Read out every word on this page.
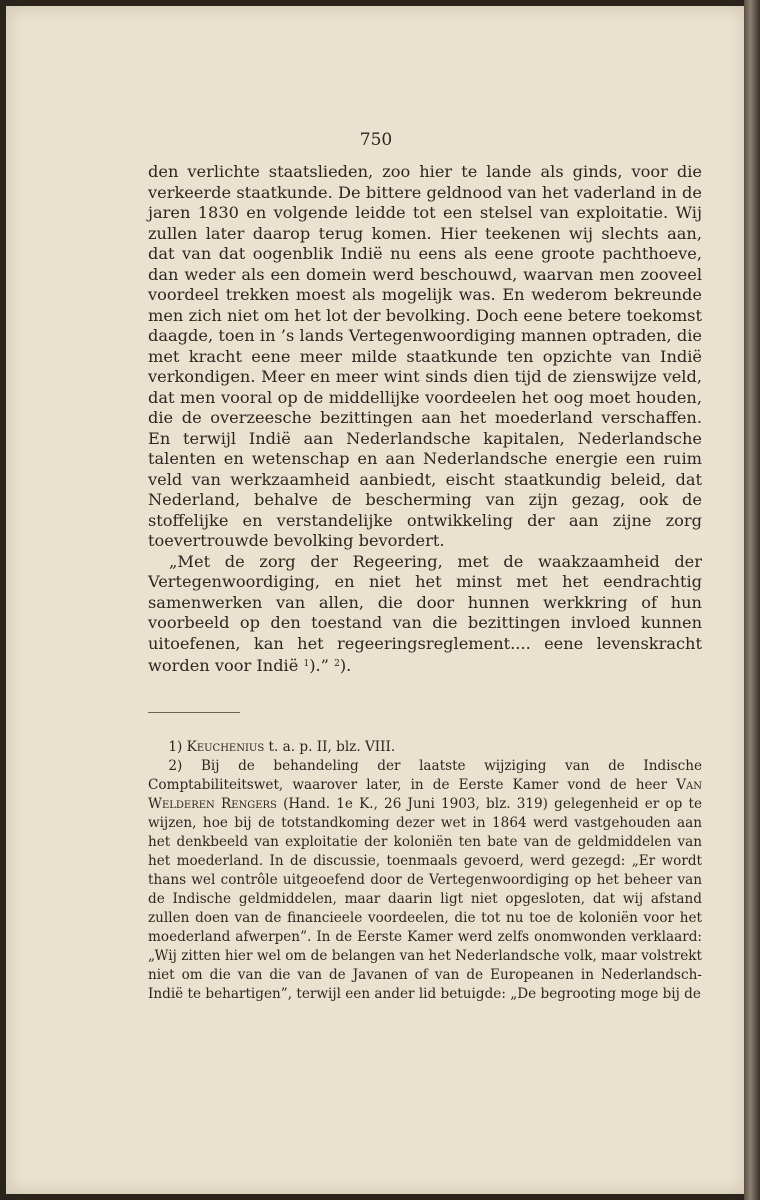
750

den verlichte staatslieden, zoo hier te lande als ginds, voor die verkeerde staatkunde. De bittere geldnood van het vaderland in de jaren 1830 en volgende leidde tot een stelsel van exploitatie. Wij zullen later daarop terug komen. Hier teekenen wij slechts aan, dat van dat oogenblik Indië nu eens als eene groote pachthoeve, dan weder als een domein werd beschouwd, waarvan men zooveel voordeel trekken moest als mogelijk was. En wederom bekreunde men zich niet om het lot der bevolking. Doch eene betere toekomst daagde, toen in ’s lands Vertegenwoordiging mannen optraden, die met kracht eene meer milde staatkunde ten opzichte van Indië verkondigen. Meer en meer wint sinds dien tijd de zienswijze veld, dat men vooral op de middellijke voordeelen het oog moet houden, die de overzeesche bezittingen aan het moederland verschaffen. En terwijl Indië aan Nederlandsche kapitalen, Nederlandsche talenten en wetenschap en aan Nederlandsche energie een ruim veld van werkzaamheid aanbiedt, eischt staatkundig beleid, dat Nederland, behalve de bescherming van zijn gezag, ook de stoffelijke en verstandelijke ontwikkeling der aan zijne zorg toevertrouwde bevolking bevordert.

„Met de zorg der Regeering, met de waakzaamheid der Vertegenwoordiging, en niet het minst met het eendrachtig samenwerken van allen, die door hunnen werkkring of hun voorbeeld op den toestand van die bezittingen invloed kunnen uitoefenen, kan het regeeringsreglement.... eene levenskracht worden voor Indië $^1$).” $^2$).

1) Keuchenius t. a. p. II, blz. VIII.

2) Bij de behandeling der laatste wijziging van de Indische Comptabiliteitswet, waarover later, in de Eerste Kamer vond de heer Van Welderen Rengers (Hand. 1e K., 26 Juni 1903, blz. 319) gelegenheid er op te wijzen, hoe bij de totstandkoming dezer wet in 1864 werd vastgehouden aan het denkbeeld van exploitatie der koloniën ten bate van de geldmiddelen van het moederland. In de discussie, toenmaals gevoerd, werd gezegd: „Er wordt thans wel contrôle uitgeoefend door de Vertegenwoordiging op het beheer van de Indische geldmiddelen, maar daarin ligt niet opgesloten, dat wij afstand zullen doen van de financieele voordeelen, die tot nu toe de koloniën voor het moederland afwerpen”. In de Eerste Kamer werd zelfs onomwonden verklaard: „Wij zitten hier wel om de belangen van het Nederlandsche volk, maar volstrekt niet om die van die van de Javanen of van de Europeanen in Nederlandsch-Indië te behartigen”, terwijl een ander lid betuigde: „De begrooting moge bij de
